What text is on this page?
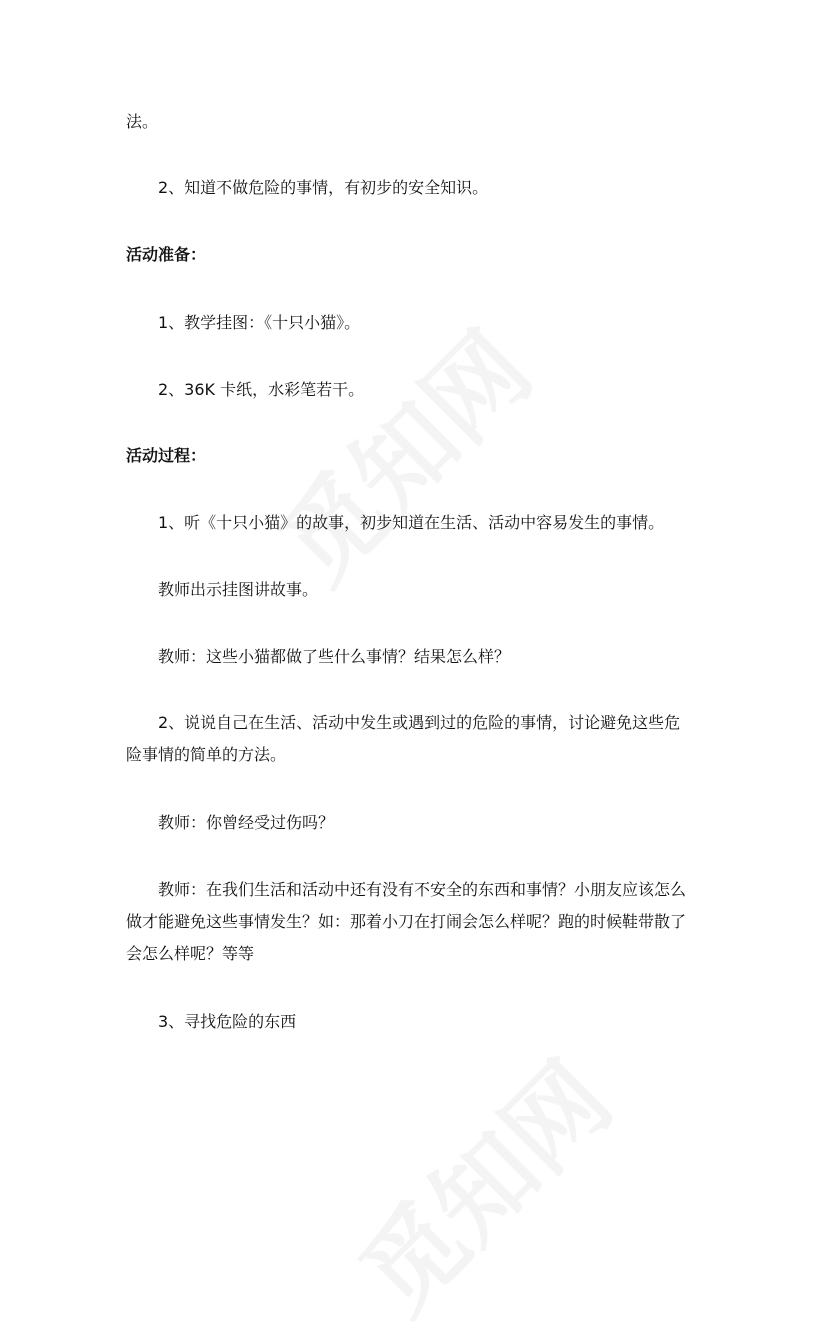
法。
2、知道不做危险的事情，有初步的安全知识。
活动准备：
1、教学挂图：《十只小猫》。
2、36K 卡纸，水彩笔若干。
活动过程：
1、听《十只小猫》的故事，初步知道在生活、活动中容易发生的事情。
教师出示挂图讲故事。
教师：这些小猫都做了些什么事情？结果怎么样？
2、说说自己在生活、活动中发生或遇到过的危险的事情，讨论避免这些危
险事情的简单的方法。
教师：你曾经受过伤吗？
教师：在我们生活和活动中还有没有不安全的东西和事情？小朋友应该怎么
做才能避免这些事情发生？如：那着小刀在打闹会怎么样呢？跑的时候鞋带散了
会怎么样呢？等等
3、寻找危险的东西
